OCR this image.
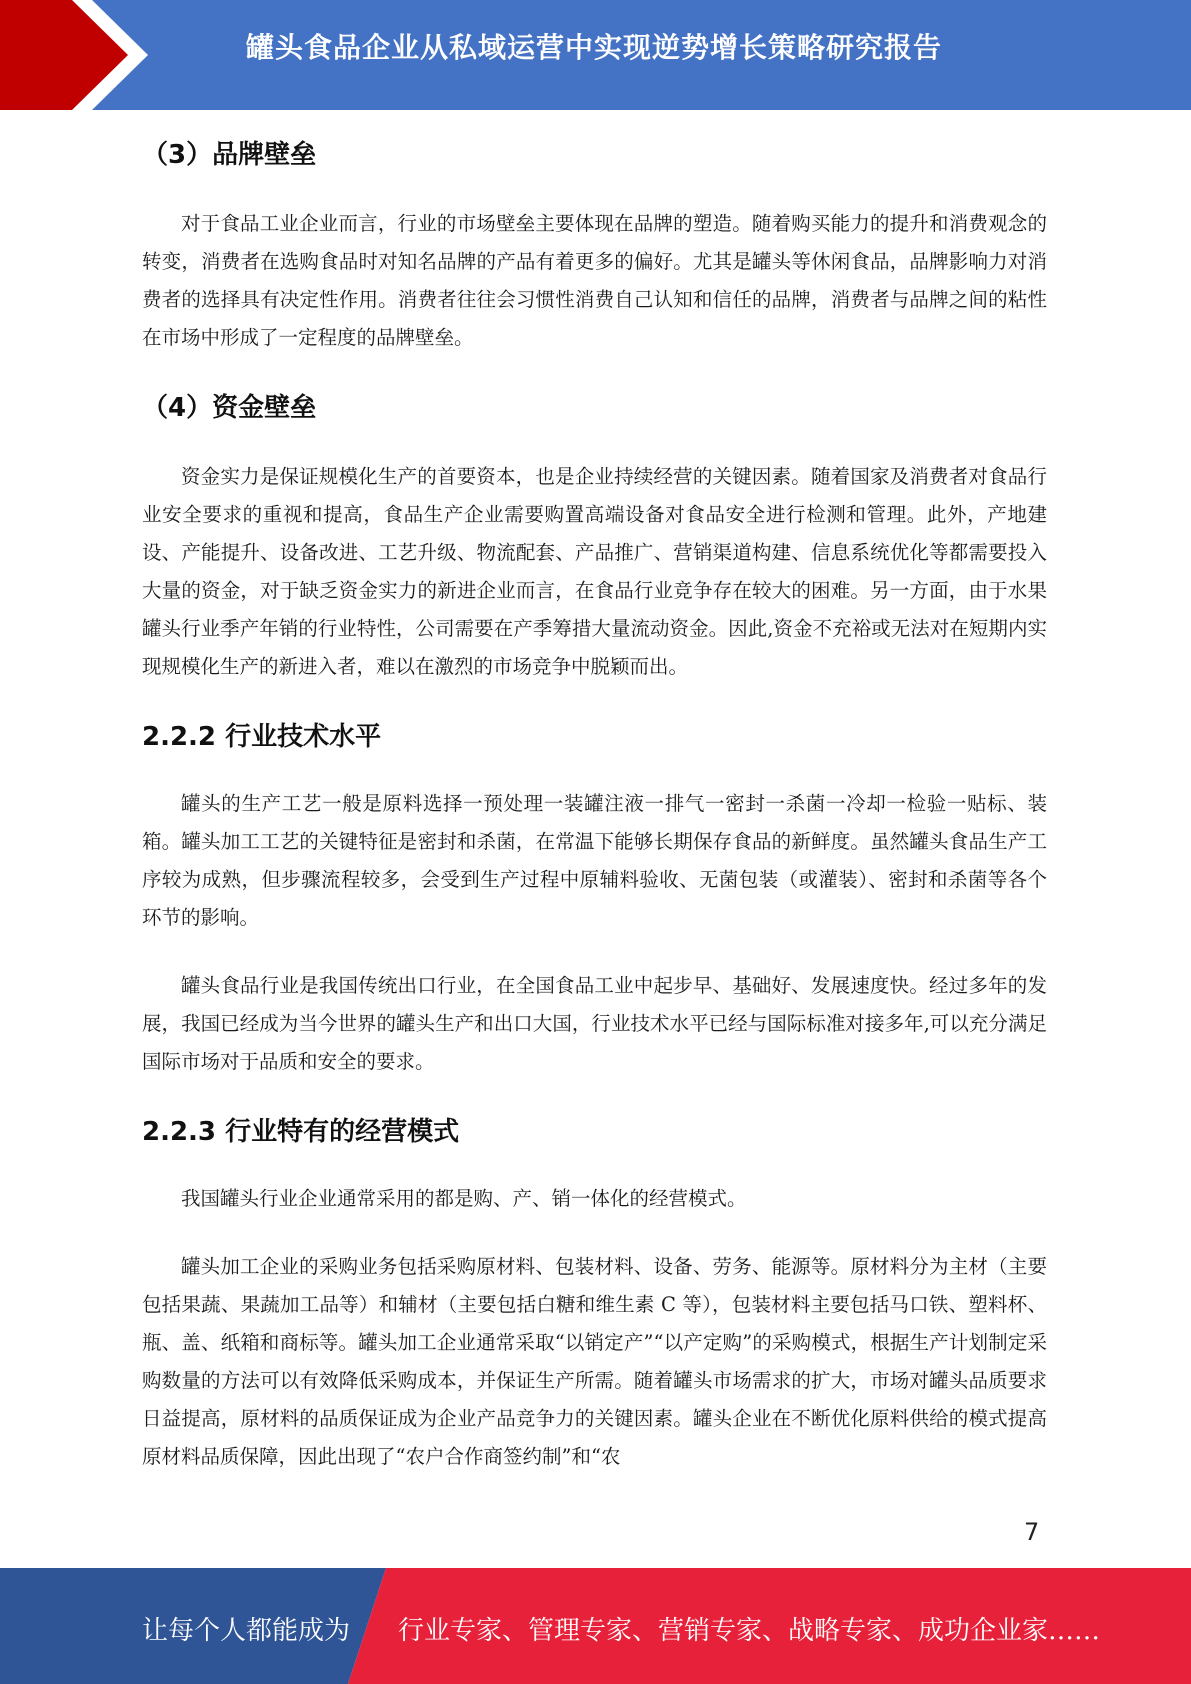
罐头食品企业从私域运营中实现逆势增长策略研究报告
（3）品牌壁垒

对于食品工业企业而言，行业的市场壁垒主要体现在品牌的塑造。随着购买能力的提升和消费观念的转变，消费者在选购食品时对知名品牌的产品有着更多的偏好。尤其是罐头等休闲食品，品牌影响力对消费者的选择具有决定性作用。消费者往往会习惯性消费自己认知和信任的品牌，消费者与品牌之间的粘性在市场中形成了一定程度的品牌壁垒。

（4）资金壁垒

资金实力是保证规模化生产的首要资本，也是企业持续经营的关键因素。随着国家及消费者对食品行业安全要求的重视和提高，食品生产企业需要购置高端设备对食品安全进行检测和管理。此外，产地建设、产能提升、设备改进、工艺升级、物流配套、产品推广、营销渠道构建、信息系统优化等都需要投入大量的资金，对于缺乏资金实力的新进企业而言，在食品行业竞争存在较大的困难。另一方面，由于水果罐头行业季产年销的行业特性，公司需要在产季筹措大量流动资金。因此,资金不充裕或无法对在短期内实现规模化生产的新进入者，难以在激烈的市场竞争中脱颖而出。

2.2.2 行业技术水平

罐头的生产工艺一般是原料选择一预处理一装罐注液一排气一密封一杀菌一冷却一检验一贴标、装箱。罐头加工工艺的关键特征是密封和杀菌，在常温下能够长期保存食品的新鲜度。虽然罐头食品生产工序较为成熟，但步骤流程较多，会受到生产过程中原辅料验收、无菌包装（或灌装）、密封和杀菌等各个环节的影响。

罐头食品行业是我国传统出口行业，在全国食品工业中起步早、基础好、发展速度快。经过多年的发展，我国已经成为当今世界的罐头生产和出口大国，行业技术水平已经与国际标准对接多年,可以充分满足国际市场对于品质和安全的要求。

2.2.3 行业特有的经营模式

我国罐头行业企业通常采用的都是购、产、销一体化的经营模式。

罐头加工企业的采购业务包括采购原材料、包装材料、设备、劳务、能源等。原材料分为主材（主要包括果蔬、果蔬加工品等）和辅材（主要包括白糖和维生素 C 等），包装材料主要包括马口铁、塑料杯、瓶、盖、纸箱和商标等。罐头加工企业通常采取“以销定产”“以产定购”的采购模式，根据生产计划制定采购数量的方法可以有效降低采购成本，并保证生产所需。随着罐头市场需求的扩大，市场对罐头品质要求日益提高，原材料的品质保证成为企业产品竞争力的关键因素。罐头企业在不断优化原料供给的模式提高原材料品质保障，因此出现了“农户合作商签约制”和“农

7
让每个人都能成为 行业专家、管理专家、营销专家、战略专家、成功企业家……
